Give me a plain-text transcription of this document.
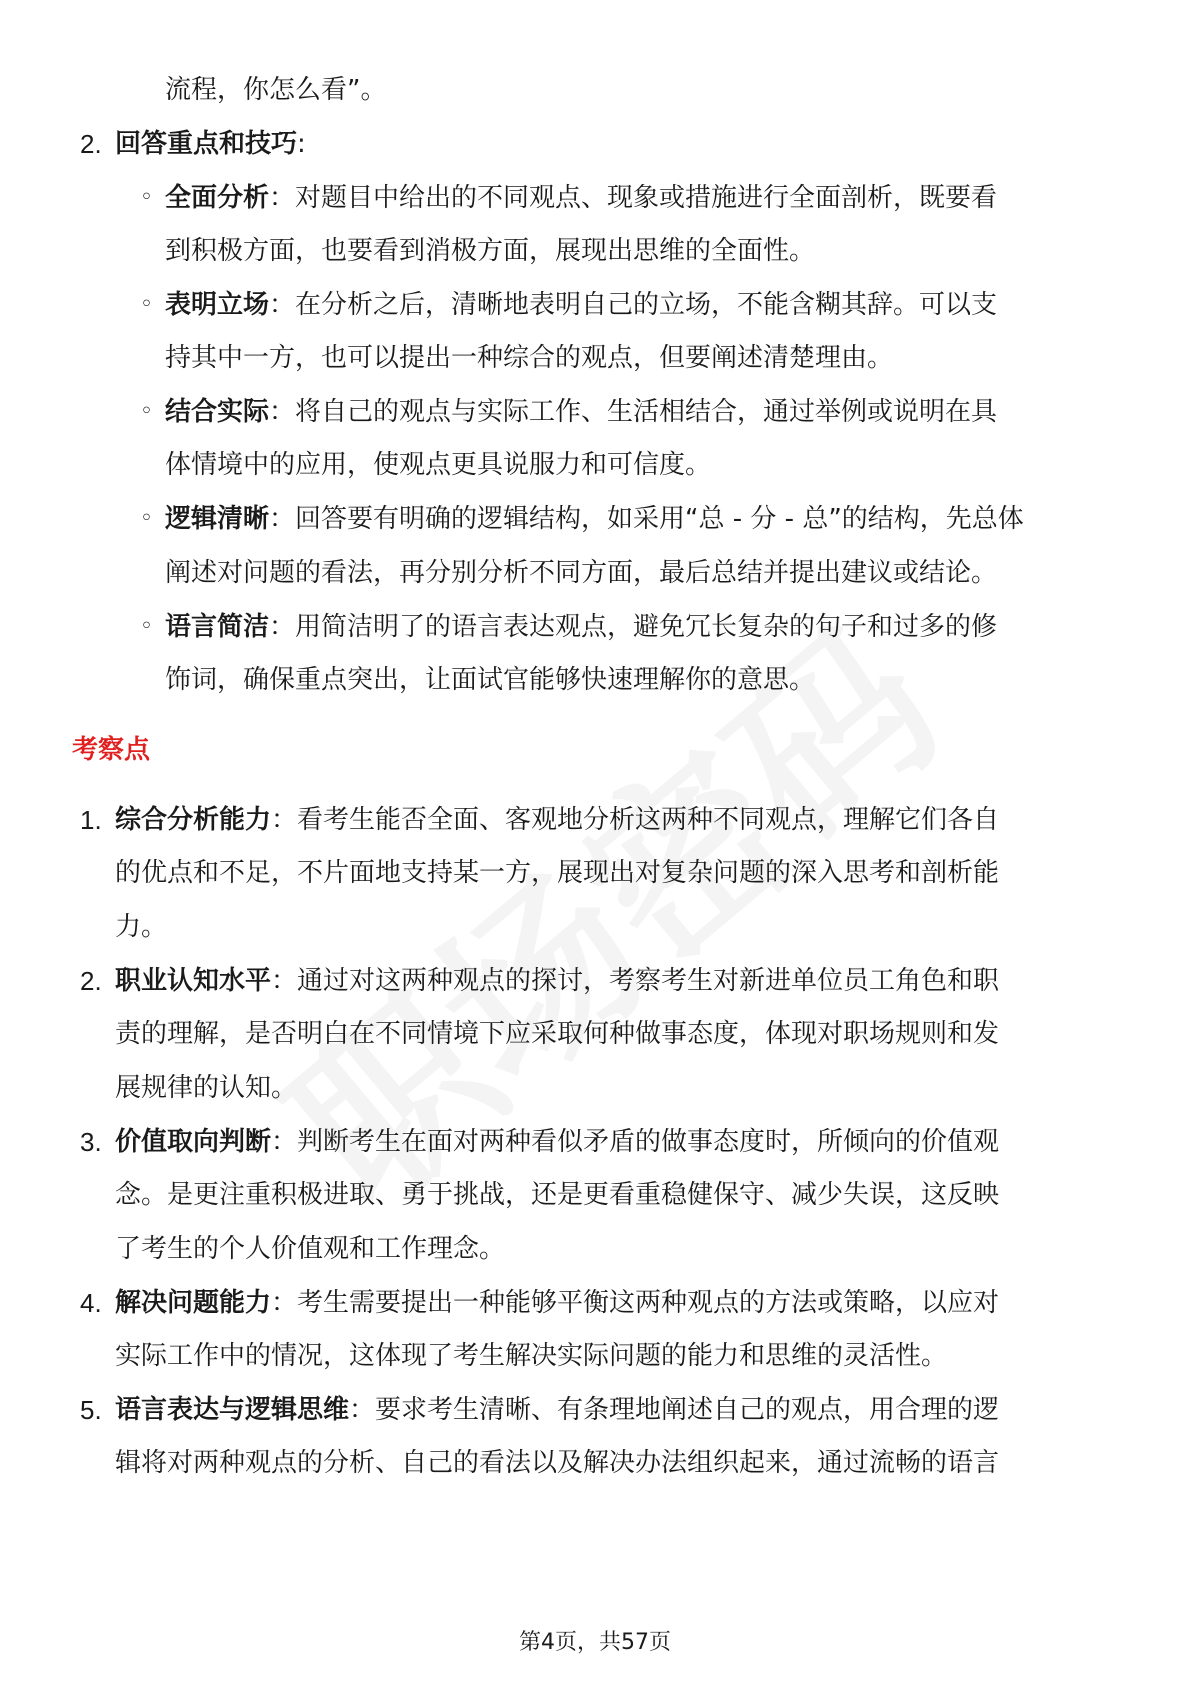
流程，你怎么看”。
2. 回答重点和技巧:
◦ 全面分析：对题目中给出的不同观点、现象或措施进行全面剖析，既要看
到积极方面，也要看到消极方面，展现出思维的全面性。
◦ 表明立场：在分析之后，清晰地表明自己的立场，不能含糊其辞。可以支
持其中一方，也可以提出一种综合的观点，但要阐述清楚理由。
◦ 结合实际：将自己的观点与实际工作、生活相结合，通过举例或说明在具
体情境中的应用，使观点更具说服力和可信度。
◦ 逻辑清晰：回答要有明确的逻辑结构，如采用“总 - 分 - 总”的结构，先总体
阐述对问题的看法，再分别分析不同方面，最后总结并提出建议或结论。
◦ 语言简洁：用简洁明了的语言表达观点，避免冗长复杂的句子和过多的修
饰词，确保重点突出，让面试官能够快速理解你的意思。
考察点
1. 综合分析能力：看考生能否全面、客观地分析这两种不同观点，理解它们各自
的优点和不足，不片面地支持某一方，展现出对复杂问题的深入思考和剖析能
力。
2. 职业认知水平：通过对这两种观点的探讨，考察考生对新进单位员工角色和职
责的理解，是否明白在不同情境下应采取何种做事态度，体现对职场规则和发
展规律的认知。
3. 价值取向判断：判断考生在面对两种看似矛盾的做事态度时，所倾向的价值观
念。是更注重积极进取、勇于挑战，还是更看重稳健保守、减少失误，这反映
了考生的个人价值观和工作理念。
4. 解决问题能力：考生需要提出一种能够平衡这两种观点的方法或策略，以应对
实际工作中的情况，这体现了考生解决实际问题的能力和思维的灵活性。
5. 语言表达与逻辑思维：要求考生清晰、有条理地阐述自己的观点，用合理的逻
辑将对两种观点的分析、自己的看法以及解决办法组织起来，通过流畅的语言
第4页，共57页
